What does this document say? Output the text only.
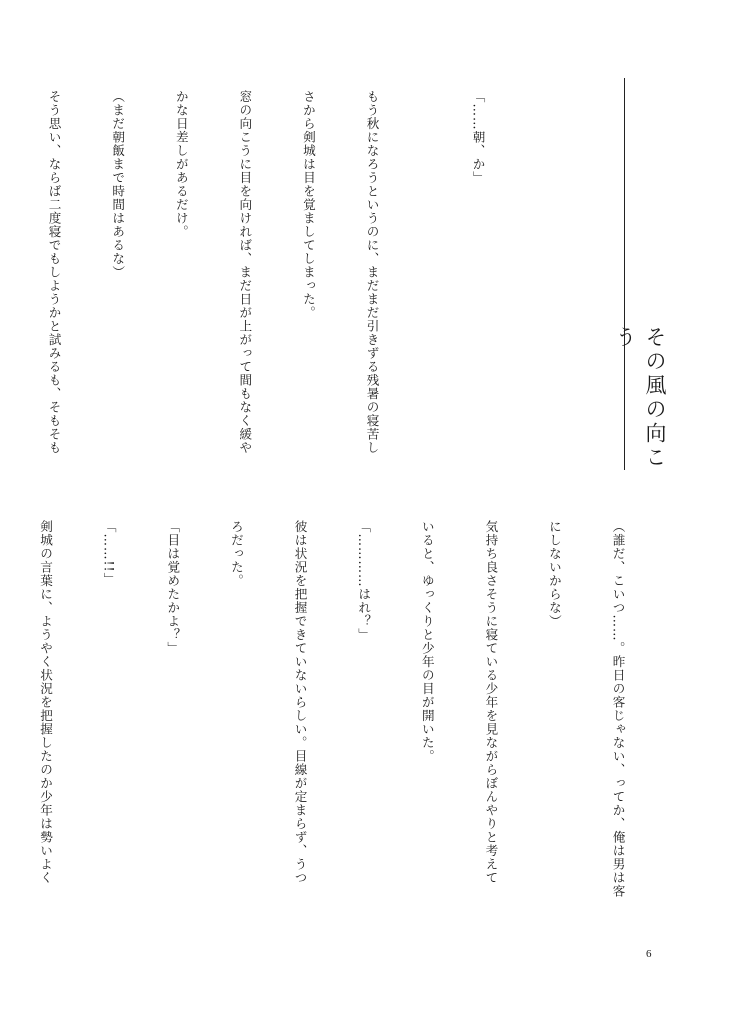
その風の向こう

「……朝、か」

もう秋になろうというのに、まだまだ引きずる残暑の寝苦し

さから剣城は目を覚ましてしまった。

窓の向こうに目を向ければ、まだ日が上がって間もなく緩や

かな日差しがあるだけ。

（まだ朝飯まで時間はあるな）

そう思い、ならば二度寝でもしようかと試みるも、そもそも

（誰だ、こいつ……。昨日の客じゃない、ってか、俺は男は客

にしないからな）

気持ち良さそうに寝ている少年を見ながらぼんやりと考えて

いると、ゆっくりと少年の目が開いた。

「…………はれ？」

彼は状況を把握できていないらしい。目線が定まらず、うつ

ろだった。

「目は覚めたかよ？」

「……!!」

剣城の言葉に、ようやく状況を把握したのか少年は勢いよく

6
